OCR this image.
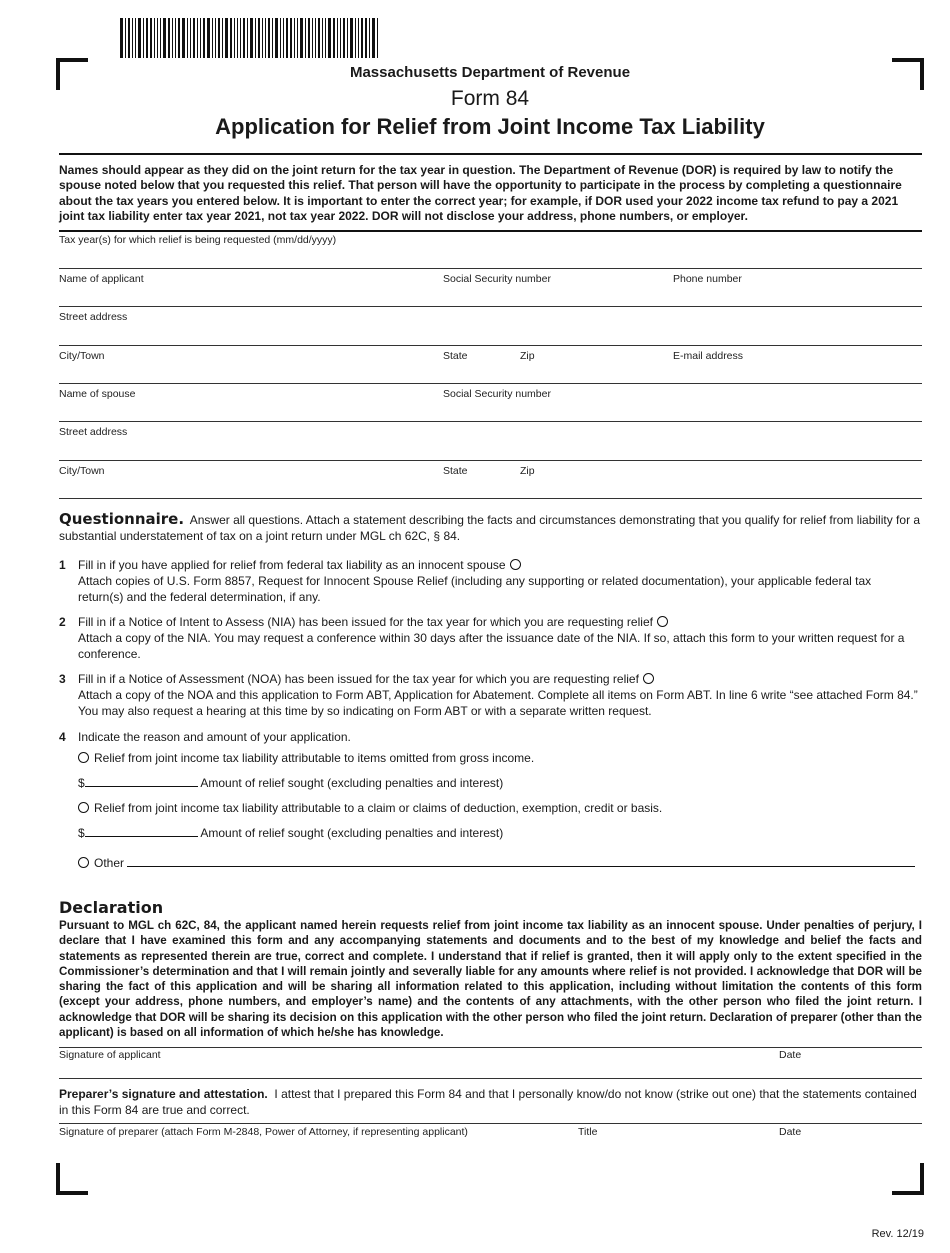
Massachusetts Department of Revenue
Form 84
Application for Relief from Joint Income Tax Liability
Names should appear as they did on the joint return for the tax year in question. The Department of Revenue (DOR) is required by law to notify the spouse noted below that you requested this relief. That person will have the opportunity to participate in the process by completing a questionnaire about the tax years you entered below. It is important to enter the correct year; for example, if DOR used your 2022 income tax refund to pay a 2021 joint tax liability enter tax year 2021, not tax year 2022. DOR will not disclose your address, phone numbers, or employer.
Tax year(s) for which relief is being requested (mm/dd/yyyy)
Name of applicant	Social Security number	Phone number
Street address
City/Town	State	Zip	E-mail address
Name of spouse	Social Security number
Street address
City/Town	State	Zip
Questionnaire. Answer all questions. Attach a statement describing the facts and circumstances demonstrating that you qualify for relief from liability for a substantial understatement of tax on a joint return under MGL ch 62C, § 84.
1 Fill in if you have applied for relief from federal tax liability as an innocent spouse
Attach copies of U.S. Form 8857, Request for Innocent Spouse Relief (including any supporting or related documentation), your applicable federal tax return(s) and the federal determination, if any.
2 Fill in if a Notice of Intent to Assess (NIA) has been issued for the tax year for which you are requesting relief
Attach a copy of the NIA. You may request a conference within 30 days after the issuance date of the NIA. If so, attach this form to your written request for a conference.
3 Fill in if a Notice of Assessment (NOA) has been issued for the tax year for which you are requesting relief
Attach a copy of the NOA and this application to Form ABT, Application for Abatement. Complete all items on Form ABT. In line 6 write “see attached Form 84.” You may also request a hearing at this time by so indicating on Form ABT or with a separate written request.
4 Indicate the reason and amount of your application.
Relief from joint income tax liability attributable to items omitted from gross income.
$	Amount of relief sought (excluding penalties and interest)
Relief from joint income tax liability attributable to a claim or claims of deduction, exemption, credit or basis.
$	Amount of relief sought (excluding penalties and interest)
Other
Declaration
Pursuant to MGL ch 62C, 84, the applicant named herein requests relief from joint income tax liability as an innocent spouse. Under penalties of perjury, I declare that I have examined this form and any accompanying statements and documents and to the best of my knowledge and belief the facts and statements as represented therein are true, correct and complete. I understand that if relief is granted, then it will apply only to the extent specified in the Commissioner’s determination and that I will remain jointly and severally liable for any amounts where relief is not provided. I acknowledge that DOR will be sharing the fact of this application and will be sharing all information related to this application, including without limitation the contents of this form (except your address, phone numbers, and employer’s name) and the contents of any attachments, with the other person who filed the joint return. I acknowledge that DOR will be sharing its decision on this application with the other person who filed the joint return. Declaration of preparer (other than the applicant) is based on all information of which he/she has knowledge.
Signature of applicant	Date
Preparer’s signature and attestation. I attest that I prepared this Form 84 and that I personally know/do not know (strike out one) that the statements contained in this Form 84 are true and correct.
Signature of preparer (attach Form M-2848, Power of Attorney, if representing applicant)	Title	Date
Rev. 12/19
